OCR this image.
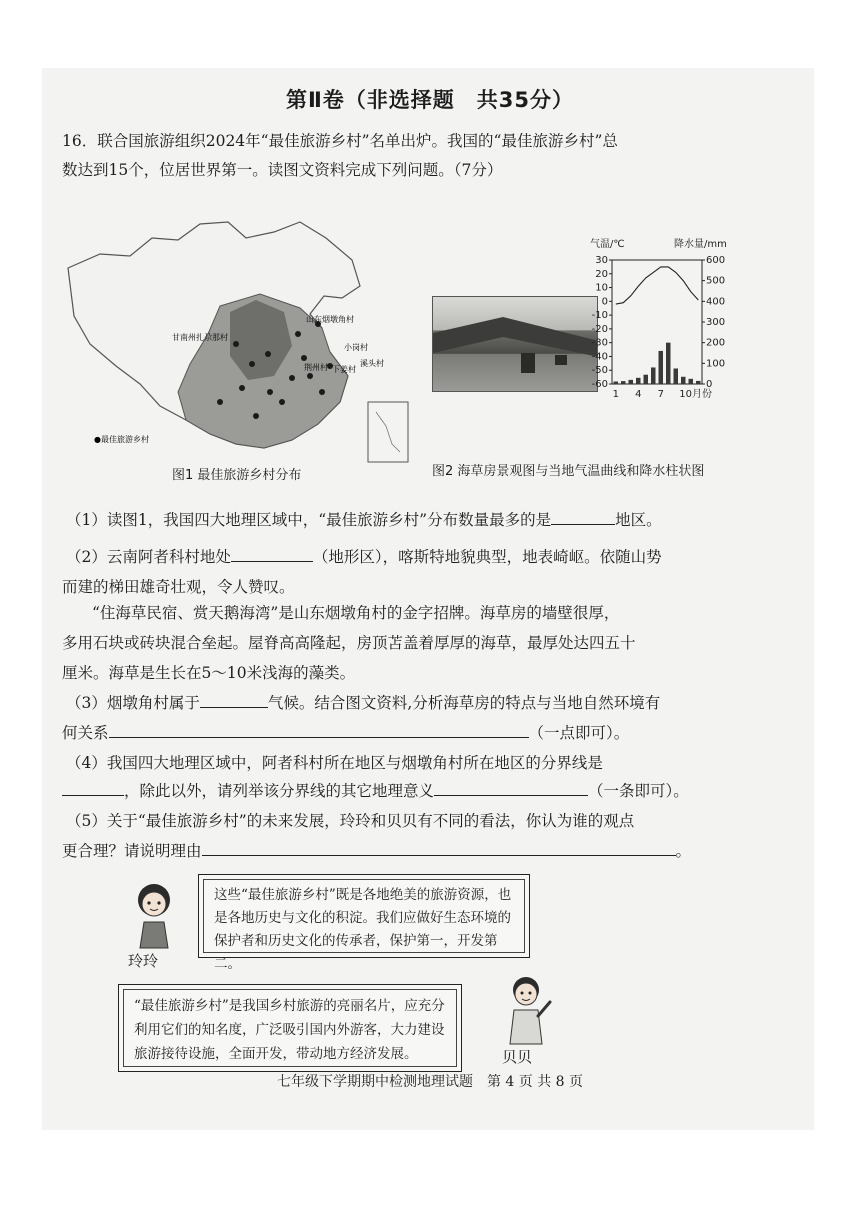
第Ⅱ卷（非选择题　共35分）
16．联合国旅游组织2024年“最佳旅游乡村”名单出炉。我国的“最佳旅游乡村”总
数达到15个，位居世界第一。读图文资料完成下列问题。（7分）
甘南州扎尕那村
山东烟墩角村
小岗村
下姜村
荆州村	溪头村
●最佳旅游乡村
图1 最佳旅游乡村分布
气温/℃	降水量/mm
30
20
10
0
-10
-20
-30
-40
-50
-60
600
500
400
300
200
100
0
1 4 7 10月份
图2 海草房景观图与当地气温曲线和降水柱状图
（1）读图1，我国四大地理区域中，“最佳旅游乡村”分布数量最多的是	地区。
（2）云南阿者科村地处	（地形区），喀斯特地貌典型，地表崎岖。依随山势
而建的梯田雄奇壮观，令人赞叹。
“住海草民宿、赏天鹅海湾”是山东烟墩角村的金字招牌。海草房的墙壁很厚，
多用石块或砖块混合垒起。屋脊高高隆起，房顶苫盖着厚厚的海草，最厚处达四五十
厘米。海草是生长在5～10米浅海的藻类。
（3）烟墩角村属于	气候。结合图文资料,分析海草房的特点与当地自然环境有
何关系	（一点即可）。
（4）我国四大地理区域中，阿者科村所在地区与烟墩角村所在地区的分界线是
，除此以外，请列举该分界线的其它地理意义	（一条即可）。
（5）关于“最佳旅游乡村”的未来发展，玲玲和贝贝有不同的看法，你认为谁的观点
更合理？请说明理由	。
玲玲
这些“最佳旅游乡村”既是各地绝美的旅游资源，也是各地历史与文化的积淀。我们应做好生态环境的保护者和历史文化的传承者，保护第一，开发第二。
“最佳旅游乡村”是我国乡村旅游的亮丽名片，应充分利用它们的知名度，广泛吸引国内外游客，大力建设旅游接待设施，全面开发，带动地方经济发展。	贝贝
七年级下学期期中检测地理试题　第 4 页 共 8 页
